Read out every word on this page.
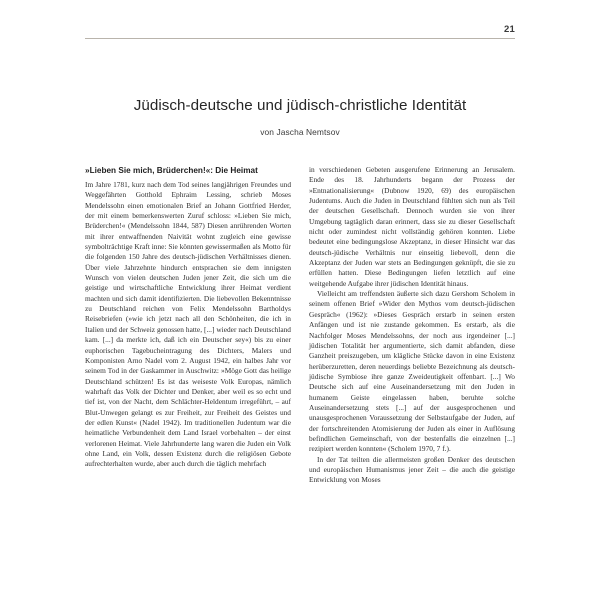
21
Jüdisch-deutsche und jüdisch-christliche Identität
von Jascha Nemtsov
»Lieben Sie mich, Brüderchen!«: Die Heimat

Im Jahre 1781, kurz nach dem Tod seines langjährigen Freundes und Weggefährten Gotthold Ephraim Lessing, schrieb Moses Mendelssohn einen emotionalen Brief an Johann Gottfried Herder, der mit einem bemerkenswerten Zuruf schloss: »Lieben Sie mich, Brüderchen!« (Mendelssohn 1844, 587) Diesen anrührenden Worten mit ihrer entwaffnenden Naivität wohnt zugleich eine gewisse symbolträchtige Kraft inne: Sie könnten gewissermaßen als Motto für die folgenden 150 Jahre des deutsch-jüdischen Verhältnisses dienen. Über viele Jahrzehnte hindurch entsprachen sie dem innigsten Wunsch von vielen deutschen Juden jener Zeit, die sich um die geistige und wirtschaftliche Entwicklung ihrer Heimat verdient machten und sich damit identifizierten. Die liebevollen Bekenntnisse zu Deutschland reichen von Felix Mendelssohn Bartholdys Reisebriefen (»wie ich jetzt nach all den Schönheiten, die ich in Italien und der Schweiz genossen hatte, [...] wieder nach Deutschland kam. [...] da merkte ich, daß ich ein Deutscher sey«) bis zu einer euphorischen Tagebucheintragung des Dichters, Malers und Komponisten Arno Nadel vom 2. August 1942, ein halbes Jahr vor seinem Tod in der Gaskammer in Auschwitz: »Möge Gott das heilige Deutschland schützen! Es ist das weiseste Volk Europas, nämlich wahrhaft das Volk der Dichter und Denker, aber weil es so echt und tief ist, von der Nacht, dem Schlächter-Heldentum irregeführt, – auf Blut-Unwegen gelangt es zur Freiheit, zur Freiheit des Geistes und der edlen Kunst« (Nadel 1942). Im traditionellen Judentum war die heimatliche Verbundenheit dem Land Israel vorbehalten – der einst verlorenen Heimat. Viele Jahrhunderte lang waren die Juden ein Volk ohne Land, ein Volk, dessen Existenz durch die religiösen Gebote aufrechterhalten wurde, aber auch durch die täglich mehrfach

in verschiedenen Gebeten ausgerufene Erinnerung an Jerusalem. Ende des 18. Jahrhunderts begann der Prozess der »Entnationalisierung« (Dubnow 1920, 69) des europäischen Judentums. Auch die Juden in Deutschland fühlten sich nun als Teil der deutschen Gesellschaft. Dennoch wurden sie von ihrer Umgebung tagtäglich daran erinnert, dass sie zu dieser Gesellschaft nicht oder zumindest nicht vollständig gehören konnten. Liebe bedeutet eine bedingungslose Akzeptanz, in dieser Hinsicht war das deutsch-jüdische Verhältnis nur einseitig liebevoll, denn die Akzeptanz der Juden war stets an Bedingungen geknüpft, die sie zu erfüllen hatten. Diese Bedingungen liefen letztlich auf eine weitgehende Aufgabe ihrer jüdischen Identität hinaus.

Vielleicht am treffendsten äußerte sich dazu Gershom Scholem in seinem offenen Brief »Wider den Mythos vom deutsch-jüdischen Gespräch« (1962): »Dieses Gespräch erstarb in seinen ersten Anfängen und ist nie zustande gekommen. Es erstarb, als die Nachfolger Moses Mendelssohns, der noch aus irgendeiner [...] jüdischen Totalität her argumentierte, sich damit abfanden, diese Ganzheit preiszugeben, um klägliche Stücke davon in eine Existenz herüberzuretten, deren neuerdings beliebte Bezeichnung als deutsch-jüdische Symbiose ihre ganze Zweideutigkeit offenbart. [...] Wo Deutsche sich auf eine Auseinandersetzung mit den Juden in humanem Geiste eingelassen haben, beruhte solche Auseinandersetzung stets [...] auf der ausgesprochenen und unausgesprochenen Voraussetzung der Selbstaufgabe der Juden, auf der fortschreitenden Atomisierung der Juden als einer in Auflösung befindlichen Gemeinschaft, von der bestenfalls die einzelnen [...] rezipiert werden konnten« (Scholem 1970, 7 f.).

In der Tat teilten die allermeisten großen Denker des deutschen und europäischen Humanismus jener Zeit – die auch die geistige Entwicklung von Moses
